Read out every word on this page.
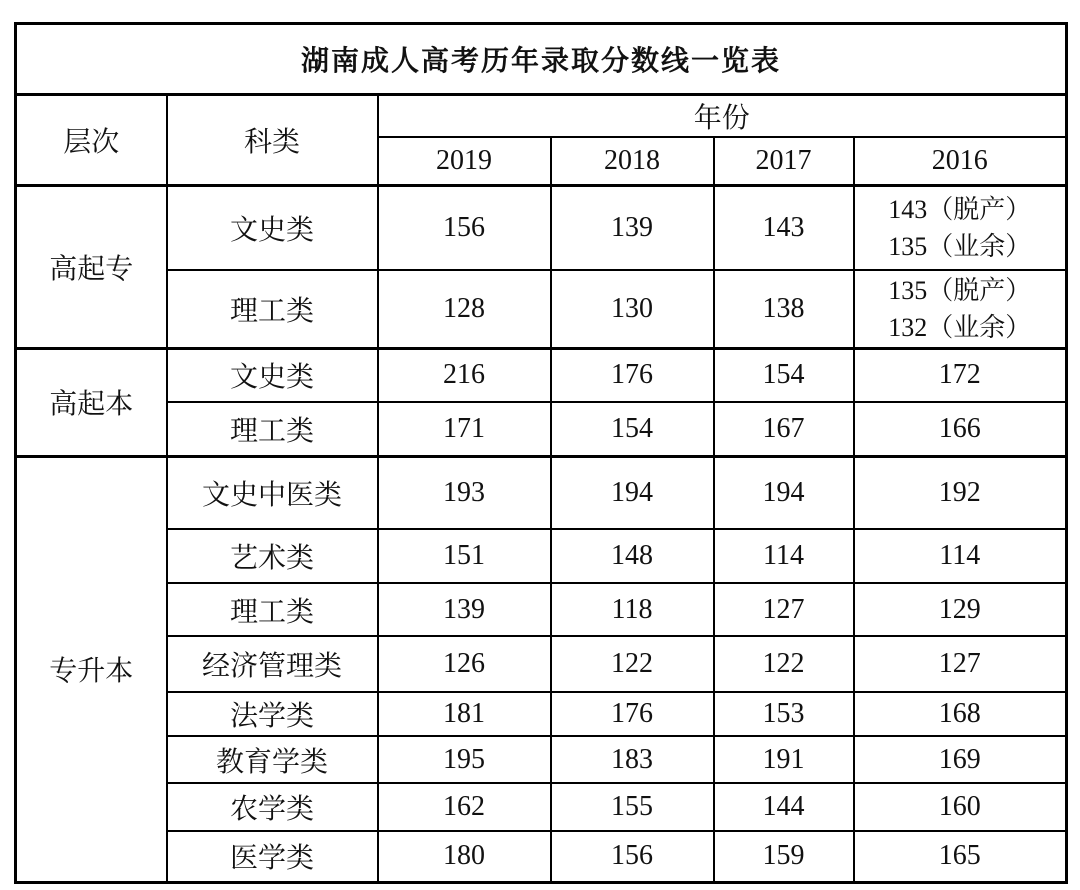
湖南成人高考历年录取分数线一览表					
层次	科类	年份			
		2019	2018	2017	2016
高起专	文史类	156	139	143	143（脱产）
135（业余）

	理工类	128	130	138	135（脱产）
132（业余）

高起本	文史类	216	176	154	172
	理工类	171	154	167	166
专升本	文史中医类	193	194	194	192
	艺术类	151	148	114	114
	理工类	139	118	127	129
	经济管理类	126	122	122	127
	法学类	181	176	153	168
	教育学类	195	183	191	169
	农学类	162	155	144	160
	医学类	180	156	159	165
